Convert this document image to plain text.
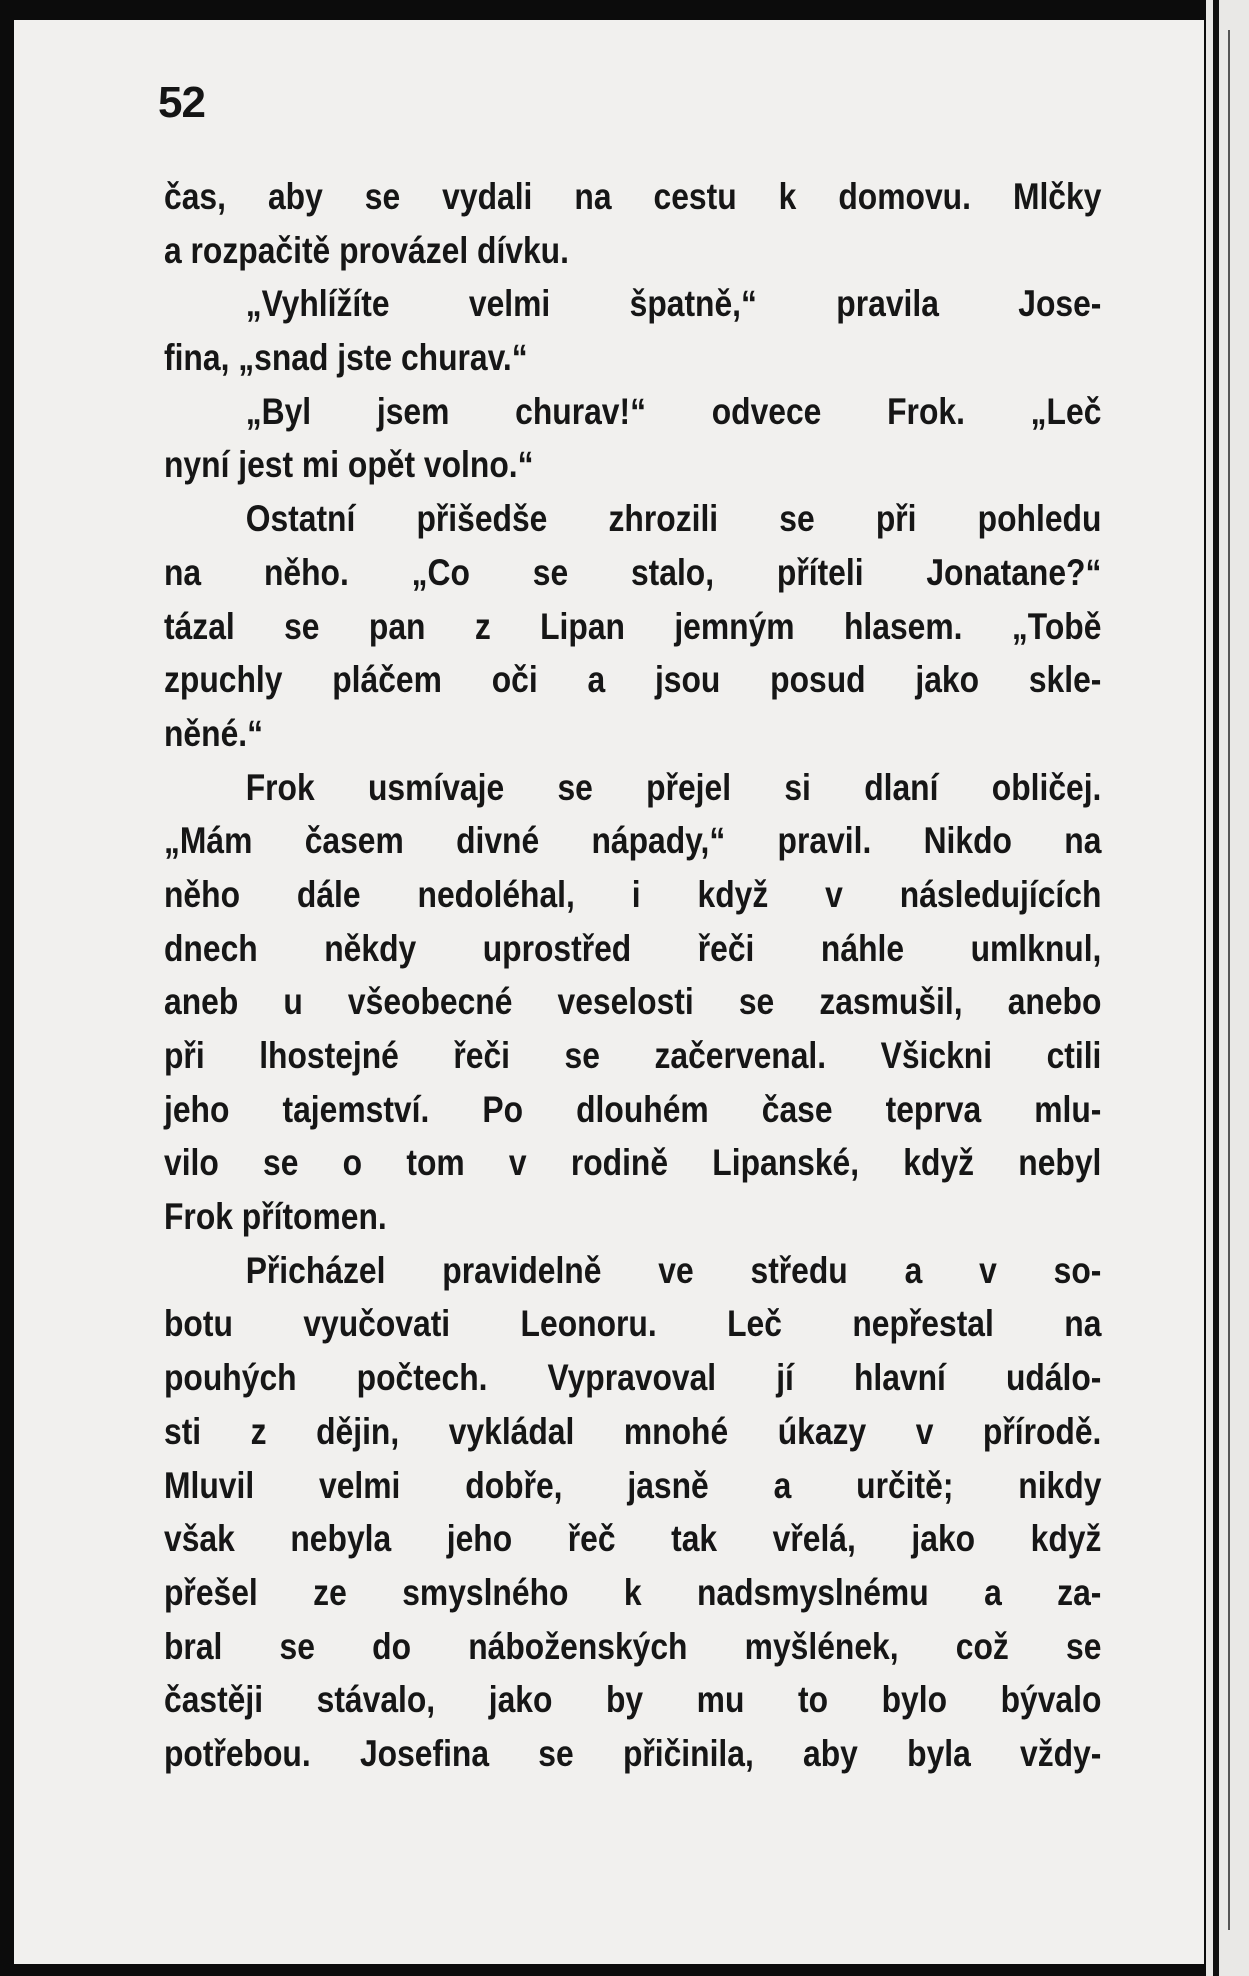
52
čas, aby se vydali na cestu k domovu. Mlčky
a rozpačitě provázel dívku.
„Vyhlížíte velmi špatně,“ pravila Jose-
fina, „snad jste churav.“
„Byl jsem churav!“ odvece Frok. „Leč
nyní jest mi opět volno.“
Ostatní přišedše zhrozili se při pohledu
na něho. „Co se stalo, příteli Jonatane?“
tázal se pan z Lipan jemným hlasem. „Tobě
zpuchly pláčem oči a jsou posud jako skle-
něné.“
Frok usmívaje se přejel si dlaní obličej.
„Mám časem divné nápady,“ pravil. Nikdo na
něho dále nedoléhal, i když v následujících
dnech někdy uprostřed řeči náhle umlknul,
aneb u všeobecné veselosti se zasmušil, anebo
při lhostejné řeči se začervenal. Všickni ctili
jeho tajemství. Po dlouhém čase teprva mlu-
vilo se o tom v rodině Lipanské, když nebyl
Frok přítomen.
Přicházel pravidelně ve středu a v so-
botu vyučovati Leonoru. Leč nepřestal na
pouhých počtech. Vypravoval jí hlavní událo-
sti z dějin, vykládal mnohé úkazy v přírodě.
Mluvil velmi dobře, jasně a určitě; nikdy
však nebyla jeho řeč tak vřelá, jako když
přešel ze smyslného k nadsmyslnému a za-
bral se do náboženských myšlének, což se
častěji stávalo, jako by mu to bylo bývalo
potřebou. Josefina se přičinila, aby byla vždy-
